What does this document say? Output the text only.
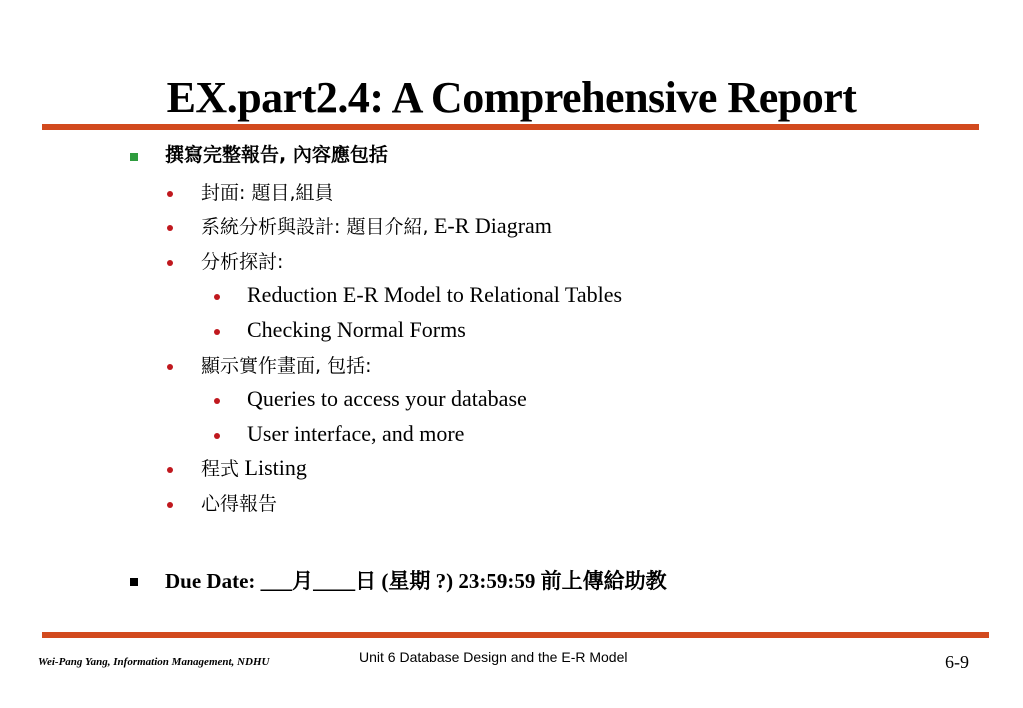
EX.part2.4: A Comprehensive Report
撰寫完整報告, 內容應包括
封面: 題目,組員
系統分析與設計: 題目介紹, E-R Diagram
分析探討:
Reduction E-R Model to Relational Tables
Checking Normal Forms
顯示實作畫面, 包括:
Queries to access your database
User interface, and more
程式 Listing
心得報告
Due Date: ___月____日 (星期 ?) 23:59:59 前上傳給助教
Wei-Pang Yang, Information Management, NDHU	Unit 6 Database Design and the E-R Model	6-9
